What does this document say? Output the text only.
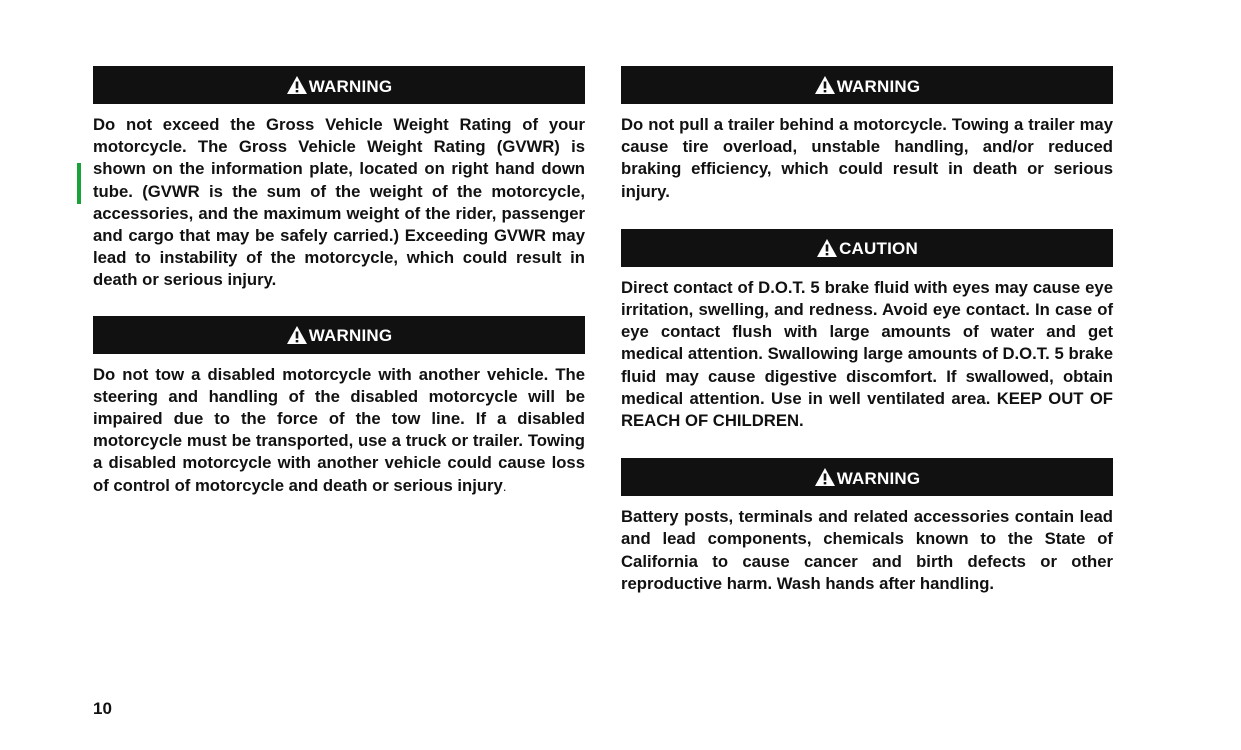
WARNING

Do not exceed the Gross Vehicle Weight Rating of your motorcycle. The Gross Vehicle Weight Rating (GVWR) is shown on the information plate, located on right hand down tube. (GVWR is the sum of the weight of the motorcycle, accessories, and the maximum weight of the rider, passenger and cargo that may be safely carried.) Exceeding GVWR may lead to instability of the motorcycle, which could result in death or serious injury.

WARNING

Do not tow a disabled motorcycle with another vehicle. The steering and handling of the disabled motorcycle will be impaired due to the force of the tow line. If a disabled motorcycle must be transported, use a truck or trailer. Towing a disabled motorcycle with another vehicle could cause loss of control of motorcycle and death or serious injury.

WARNING

Do not pull a trailer behind a motorcycle. Towing a trailer may cause tire overload, unstable handling, and/or reduced braking efficiency, which could result in death or serious injury.

CAUTION

Direct contact of D.O.T. 5 brake fluid with eyes may cause eye irritation, swelling, and redness. Avoid eye contact. In case of eye contact flush with large amounts of water and get medical attention. Swallowing large amounts of D.O.T. 5 brake fluid may cause digestive discomfort. If swallowed, obtain medical attention. Use in well ventilated area. KEEP OUT OF REACH OF CHILDREN.

WARNING

Battery posts, terminals and related accessories contain lead and lead components, chemicals known to the State of California to cause cancer and birth defects or other reproductive harm. Wash hands after handling.

10
